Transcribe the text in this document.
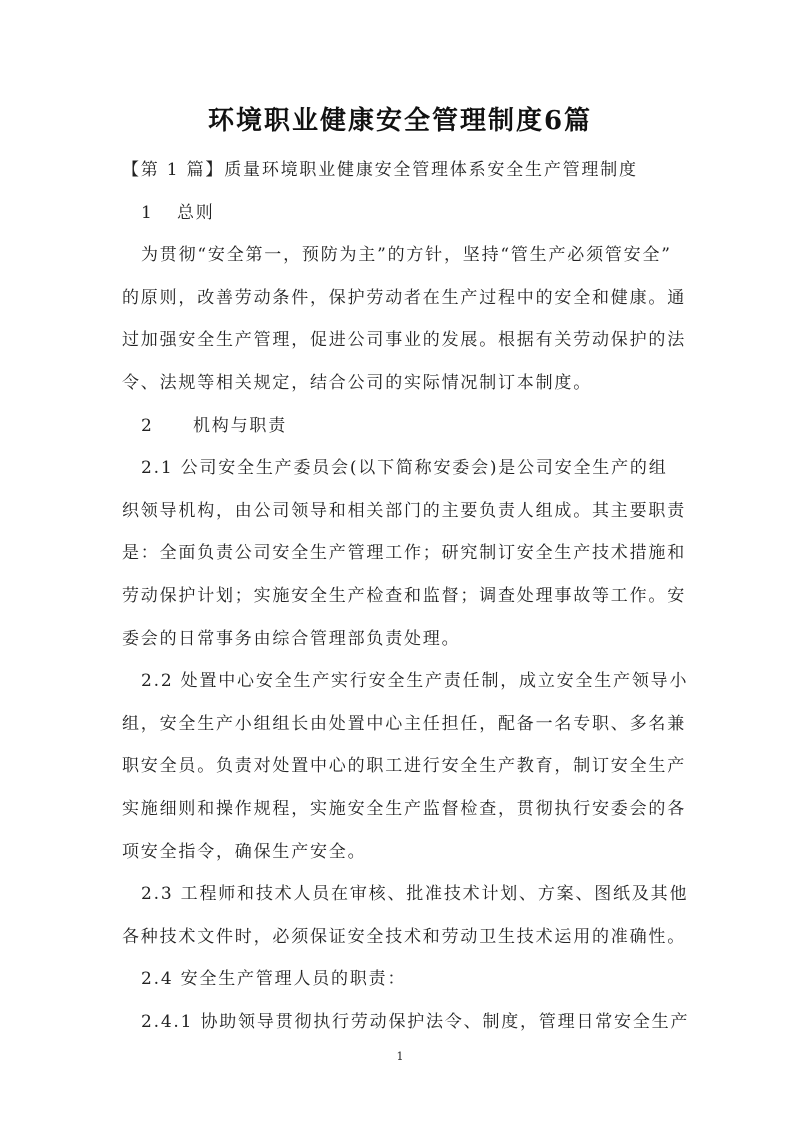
环境职业健康安全管理制度6篇
【第 1 篇】质量环境职业健康安全管理体系安全生产管理制度
1 总则
为贯彻“安全第一，预防为主”的方针，坚持“管生产必须管安全”
的原则，改善劳动条件，保护劳动者在生产过程中的安全和健康。通
过加强安全生产管理，促进公司事业的发展。根据有关劳动保护的法
令、法规等相关规定，结合公司的实际情况制订本制度。
2 机构与职责
2.1 公司安全生产委员会(以下简称安委会)是公司安全生产的组
织领导机构，由公司领导和相关部门的主要负责人组成。其主要职责
是：全面负责公司安全生产管理工作；研究制订安全生产技术措施和
劳动保护计划；实施安全生产检查和监督；调查处理事故等工作。安
委会的日常事务由综合管理部负责处理。
2.2 处置中心安全生产实行安全生产责任制，成立安全生产领导小
组，安全生产小组组长由处置中心主任担任，配备一名专职、多名兼
职安全员。负责对处置中心的职工进行安全生产教育，制订安全生产
实施细则和操作规程，实施安全生产监督检查，贯彻执行安委会的各
项安全指令，确保生产安全。
2.3 工程师和技术人员在审核、批准技术计划、方案、图纸及其他
各种技术文件时，必须保证安全技术和劳动卫生技术运用的准确性。
2.4 安全生产管理人员的职责：
2.4.1 协助领导贯彻执行劳动保护法令、制度，管理日常安全生产
1
